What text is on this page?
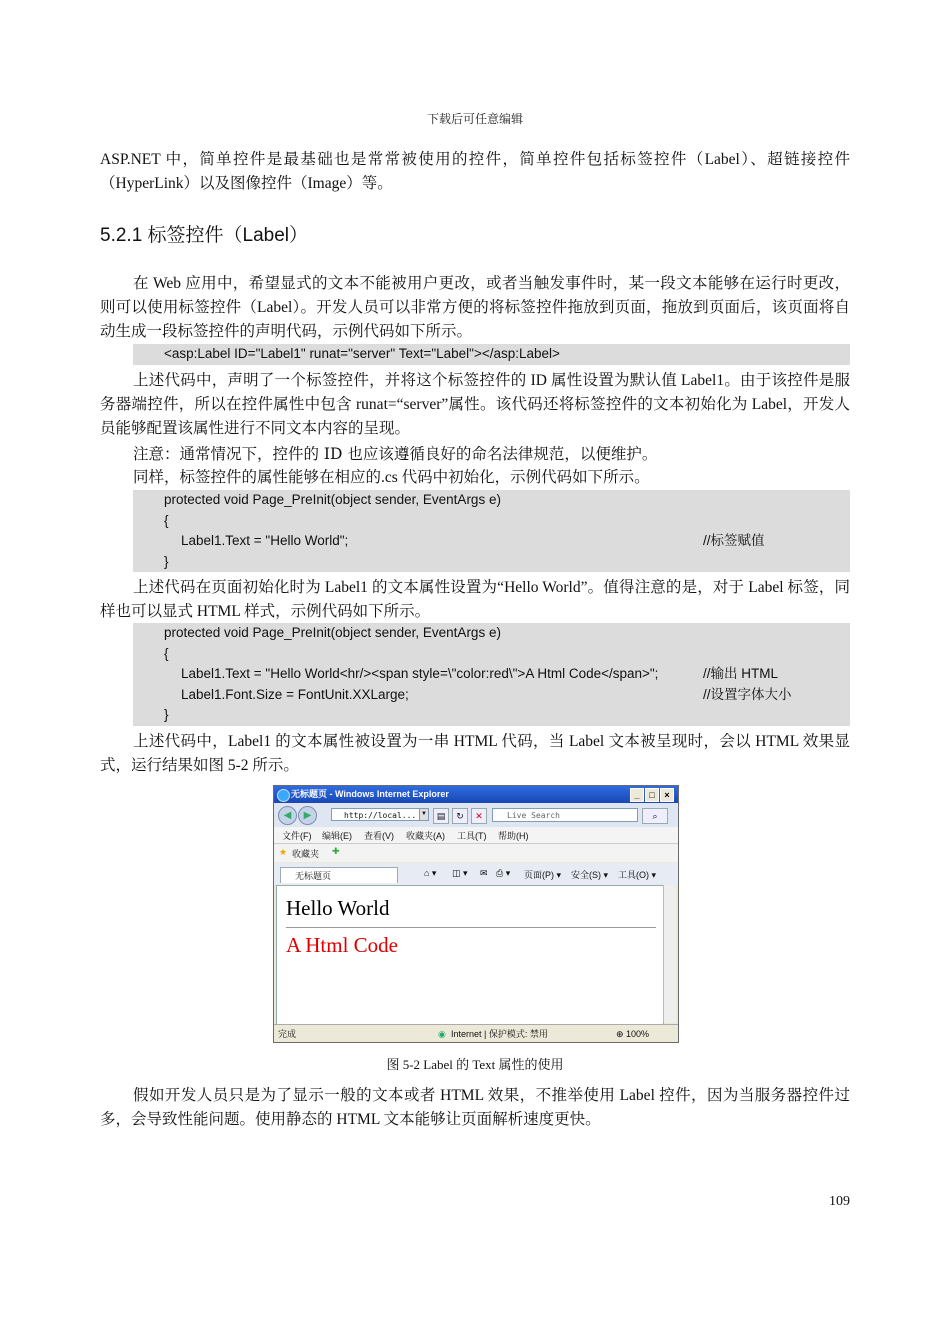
下载后可任意编辑
ASP.NET 中，简单控件是最基础也是常常被使用的控件，简单控件包括标签控件（Label）、超链接控件（HyperLink）以及图像控件（Image）等。
5.2.1 标签控件（Label）
在 Web 应用中，希望显式的文本不能被用户更改，或者当触发事件时，某一段文本能够在运行时更改，则可以使用标签控件（Label）。开发人员可以非常方便的将标签控件拖放到页面，拖放到页面后，该页面将自动生成一段标签控件的声明代码，示例代码如下所示。
<asp:Label ID="Label1" runat="server" Text="Label"></asp:Label>
上述代码中，声明了一个标签控件，并将这个标签控件的 ID 属性设置为默认值 Label1。由于该控件是服务器端控件，所以在控件属性中包含 runat=“server”属性。该代码还将标签控件的文本初始化为 Label，开发人员能够配置该属性进行不同文本内容的呈现。
注意：通常情况下，控件的 ID 也应该遵循良好的命名法律规范，以便维护。
同样，标签控件的属性能够在相应的.cs 代码中初始化，示例代码如下所示。
protected void Page_PreInit(object sender, EventArgs e)
{
Label1.Text = "Hello World";	//标签赋值
}
上述代码在页面初始化时为 Label1 的文本属性设置为“Hello World”。值得注意的是，对于 Label 标签，同样也可以显式 HTML 样式，示例代码如下所示。
protected void Page_PreInit(object sender, EventArgs e)
{
Label1.Text = "Hello World<hr/><span style=\"color:red\">A Html Code</span>";	//输出 HTML
Label1.Font.Size = FontUnit.XXLarge;	//设置字体大小
}
上述代码中，Label1 的文本属性被设置为一串 HTML 代码，当 Label 文本被呈现时，会以 HTML 效果显式，运行结果如图 5-2 所示。
无标题页 - Windows Internet Explorer	_	□	×
◀	▶	http://local... ▼	▤	↻	✕	Live Search	⌕
文件(F) 编辑(E) 查看(V) 收藏夹(A) 工具(T) 帮助(H)
★ 收藏夹 ✚
无标题页	⌂ ▾ ◫ ▾ ✉ ⎙ ▾ 页面(P) ▾ 安全(S) ▾ 工具(O) ▾
Hello World
A Html Code
完成	◉ Internet | 保护模式: 禁用	⊕ 100%
图 5-2 Label 的 Text 属性的使用
假如开发人员只是为了显示一般的文本或者 HTML 效果，不推举使用 Label 控件，因为当服务器控件过多，会导致性能问题。使用静态的 HTML 文本能够让页面解析速度更快。
109
